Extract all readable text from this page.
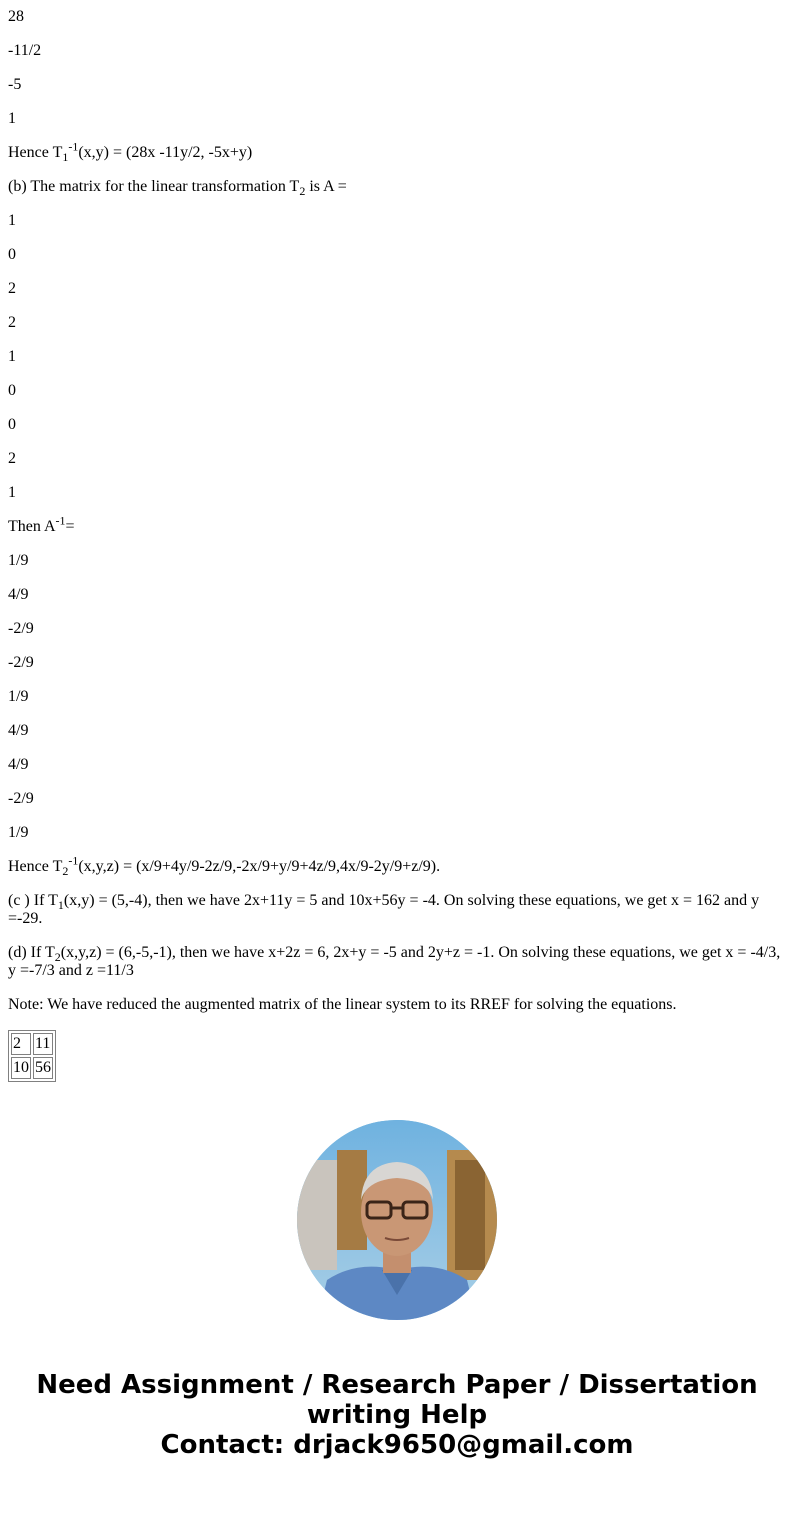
28

-11/2

-5

1

Hence $T_1^{-1}(x,y) = (28x$ -11y/2, -5x+y)

(b) The matrix for the linear transformation $T_2$ is A =

1

0

2

2

1

0

0

2

1

Then $A^{-1}=$

1/9

4/9

-2/9

-2/9

1/9

4/9

4/9

-2/9

1/9

Hence $T_2^{-1}(x,y,z) = (x/9+4y/9-2z/9,-2x/9+y/9+4z/9,4x/9-2y/9+z/9)$.

(c ) If $T_1(x,y) = (5,-4)$, then we have 2x+11y = 5 and 10x+56y = -4. On solving these equations, we get x = 162 and y =-29.

(d) If $T_2(x,y,z) = (6,-5,-1)$, then we have x+2z = 6, 2x+y = -5 and 2y+z = -1. On solving these equations, we get x = -4/3, y =-7/3 and z =11/3

Note: We have reduced the augmented matrix of the linear system to its RREF for solving the equations.

2	11
10	56
Need Assignment / Research Paper / Dissertation
writing Help
Contact: drjack9650@gmail.com
